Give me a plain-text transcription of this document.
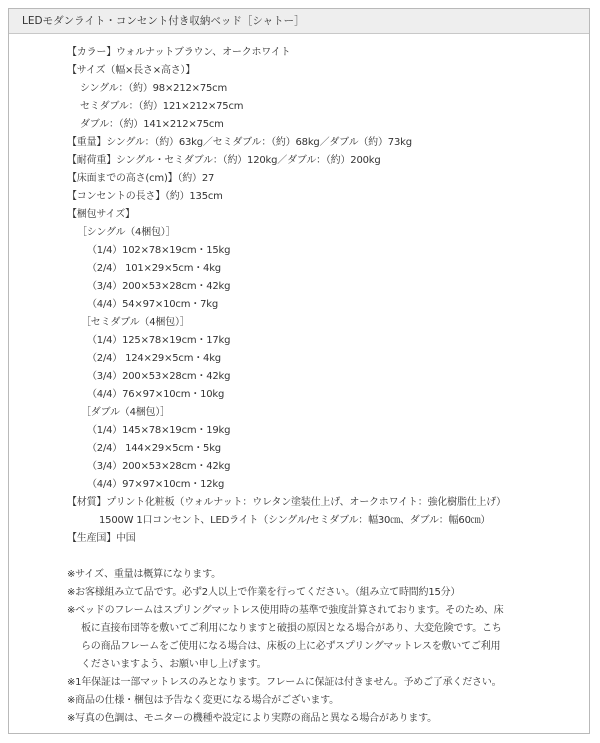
LEDモダンライト・コンセント付き収納ベッド［シャトー］
【カラー】ウォルナットブラウン、オークホワイト
【サイズ（幅×長さ×高さ）】
シングル：（約）98×212×75cm
セミダブル：（約）121×212×75cm
ダブル：（約）141×212×75cm
【重量】シングル：（約）63kg／セミダブル：（約）68kg／ダブル（約）73kg
【耐荷重】シングル・セミダブル：（約）120kg／ダブル：（約）200kg
【床面までの高さ(cm)】（約）27
【コンセントの長さ】（約）135cm
【梱包サイズ】
［シングル（4梱包）］
（1/4）102×78×19cm・15kg
（2/4） 101×29×5cm・4kg
（3/4）200×53×28cm・42kg
（4/4）54×97×10cm・7kg
［セミダブル（4梱包）］
（1/4）125×78×19cm・17kg
（2/4） 124×29×5cm・4kg
（3/4）200×53×28cm・42kg
（4/4）76×97×10cm・10kg
［ダブル（4梱包）］
（1/4）145×78×19cm・19kg
（2/4） 144×29×5cm・5kg
（3/4）200×53×28cm・42kg
（4/4）97×97×10cm・12kg
【材質】プリント化粧板（ウォルナット：ウレタン塗装仕上げ、オークホワイト：強化樹脂仕上げ）
1500W 1口コンセント、LEDライト（シングル/セミダブル：幅30㎝、ダブル：幅60㎝）
【生産国】中国
※サイズ、重量は概算になります。
※お客様組み立て品です。必ず2人以上で作業を行ってください。（組み立て時間約15分）
※ベッドのフレームはスプリングマットレス使用時の基準で強度計算されております。そのため、床
板に直接布団等を敷いてご利用になりますと破損の原因となる場合があり、大変危険です。こち
らの商品フレームをご使用になる場合は、床板の上に必ずスプリングマットレスを敷いてご利用
くださいますよう、お願い申し上げます。
※1年保証は一部マットレスのみとなります。フレームに保証は付きません。予めご了承ください。
※商品の仕様・梱包は予告なく変更になる場合がございます。
※写真の色調は、モニターの機種や設定により実際の商品と異なる場合があります。
